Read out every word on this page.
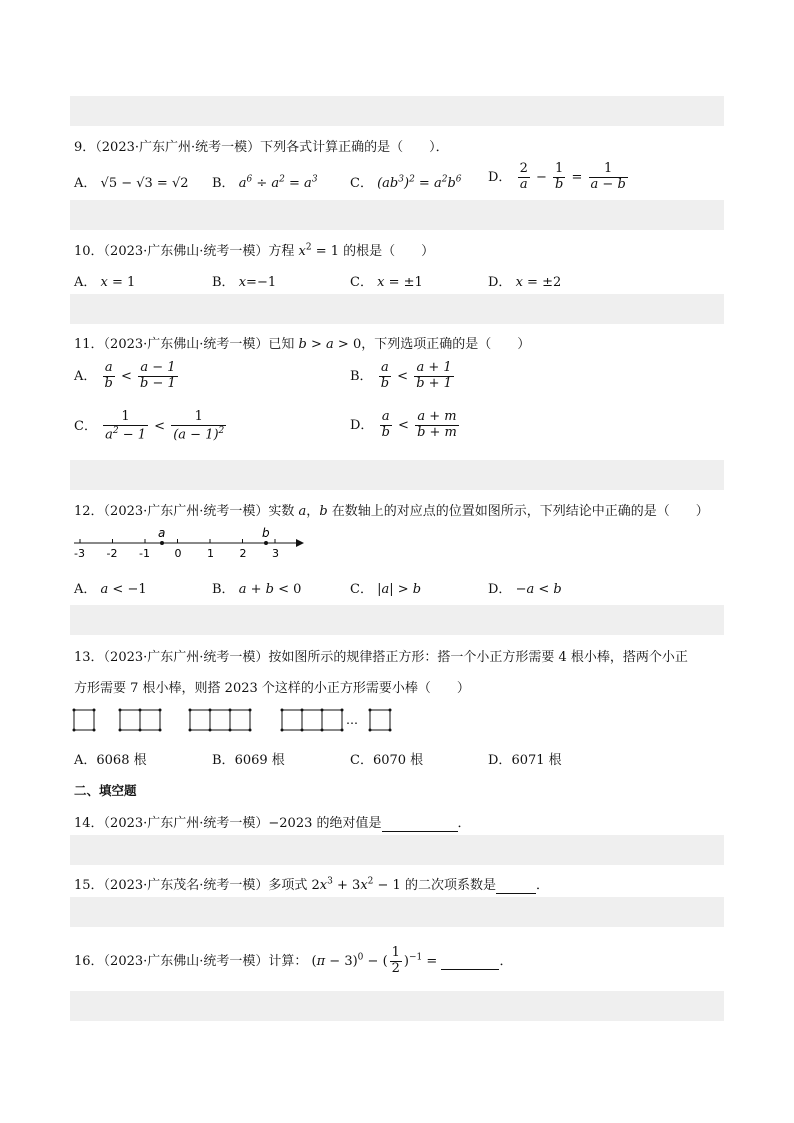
9．（2023·广东广州·统考一模）下列各式计算正确的是（　　）．
A． √5 − √3 = √2 B． $a^6 \div a^2 = a^3$ C． $(ab^3)^2 = a^2b^6$ D． $\frac{2}{a} - \frac{1}{b} = \frac{1}{a - b}$
10．（2023·广东佛山·统考一模）方程 $x^2 = 1$ 的根是（　　）
A． x = 1	B． x=−1	C． x = ±1	D． x = ±2
11．（2023·广东佛山·统考一模）已知 b > a > 0，下列选项正确的是（　　）
A． $\frac{a}{b} < \frac{a - 1}{b - 1}$	B． $\frac{a}{b} < \frac{a + 1}{b + 1}$
C． $\frac{1}{a^2 - 1} < \frac{1}{(a - 1)^2}$	D． $\frac{a}{b} < \frac{a + m}{b + m}$
12．（2023·广东广州·统考一模）实数 a，b 在数轴上的对应点的位置如图所示，下列结论中正确的是（　　）
-3 -2 -1 0 1 2 3
a	b
A． a < −1	B． a + b < 0	C． |a| > b	D． −a < b
13．（2023·广东广州·统考一模）按如图所示的规律搭正方形：搭一个小正方形需要 4 根小棒，搭两个小正
方形需要 7 根小棒，则搭 2023 个这样的小正方形需要小棒（　　）
…
A．6068 根	B．6069 根	C．6070 根	D．6071 根
二、填空题
14．（2023·广东广州·统考一模）−2023 的绝对值是	．
15．（2023·广东茂名·统考一模）多项式 $2x^3 + 3x^2 - 1$ 的二次项系数是	．
16．（2023·广东佛山·统考一模）计算： $(\pi - 3)^0$ − ( $\frac{1}{2} )^{-1}$ =	．
